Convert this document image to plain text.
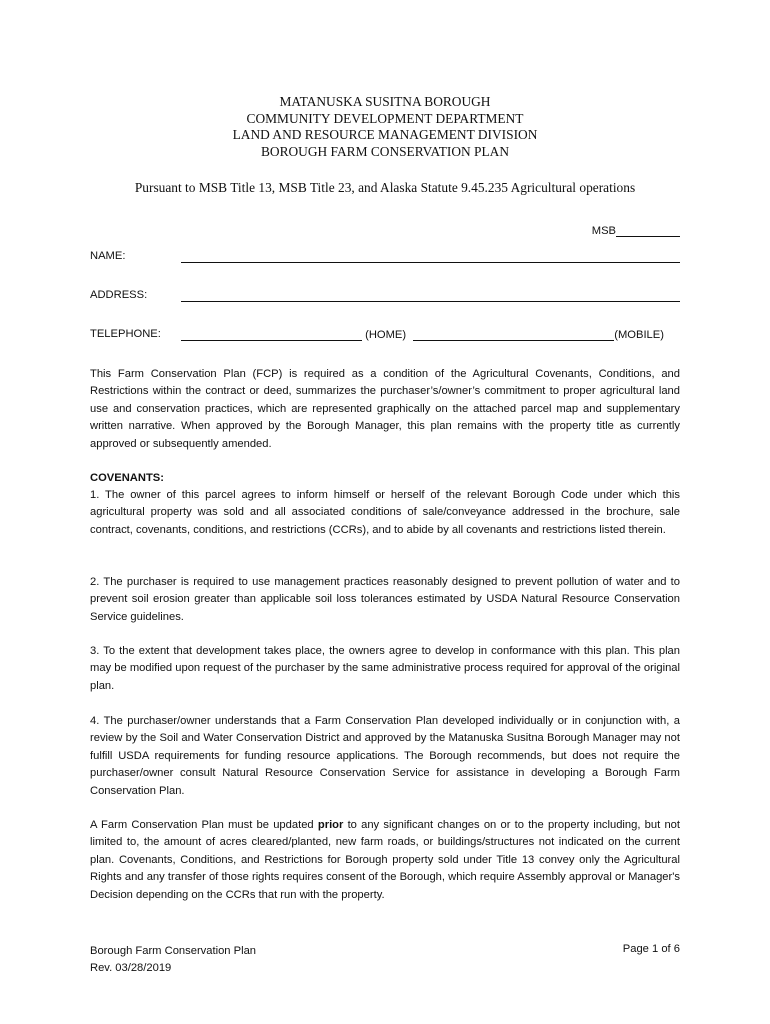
MATANUSKA SUSITNA BOROUGH
COMMUNITY DEVELOPMENT DEPARTMENT
LAND AND RESOURCE MANAGEMENT DIVISION
BOROUGH FARM CONSERVATION PLAN
Pursuant to MSB Title 13, MSB Title 23, and Alaska Statute 9.45.235 Agricultural operations
MSB
NAME:
ADDRESS:
TELEPHONE:	(HOME)	(MOBILE)
This Farm Conservation Plan (FCP) is required as a condition of the Agricultural Covenants, Conditions, and Restrictions within the contract or deed, summarizes the purchaser’s/owner’s commitment to proper agricultural land use and conservation practices, which are represented graphically on the attached parcel map and supplementary written narrative. When approved by the Borough Manager, this plan remains with the property title as currently approved or subsequently amended.
COVENANTS:
1. The owner of this parcel agrees to inform himself or herself of the relevant Borough Code under which this agricultural property was sold and all associated conditions of sale/conveyance addressed in the brochure, sale contract, covenants, conditions, and restrictions (CCRs), and to abide by all covenants and restrictions listed therein.
2. The purchaser is required to use management practices reasonably designed to prevent pollution of water and to prevent soil erosion greater than applicable soil loss tolerances estimated by USDA Natural Resource Conservation Service guidelines.
3. To the extent that development takes place, the owners agree to develop in conformance with this plan. This plan may be modified upon request of the purchaser by the same administrative process required for approval of the original plan.
4. The purchaser/owner understands that a Farm Conservation Plan developed individually or in conjunction with, a review by the Soil and Water Conservation District and approved by the Matanuska Susitna Borough Manager may not fulfill USDA requirements for funding resource applications. The Borough recommends, but does not require the purchaser/owner consult Natural Resource Conservation Service for assistance in developing a Borough Farm Conservation Plan.
A Farm Conservation Plan must be updated prior to any significant changes on or to the property including, but not limited to, the amount of acres cleared/planted, new farm roads, or buildings/structures not indicated on the current plan. Covenants, Conditions, and Restrictions for Borough property sold under Title 13 convey only the Agricultural Rights and any transfer of those rights requires consent of the Borough, which require Assembly approval or Manager's Decision depending on the CCRs that run with the property.
Borough Farm Conservation Plan
Rev. 03/28/2019
Page 1 of 6
